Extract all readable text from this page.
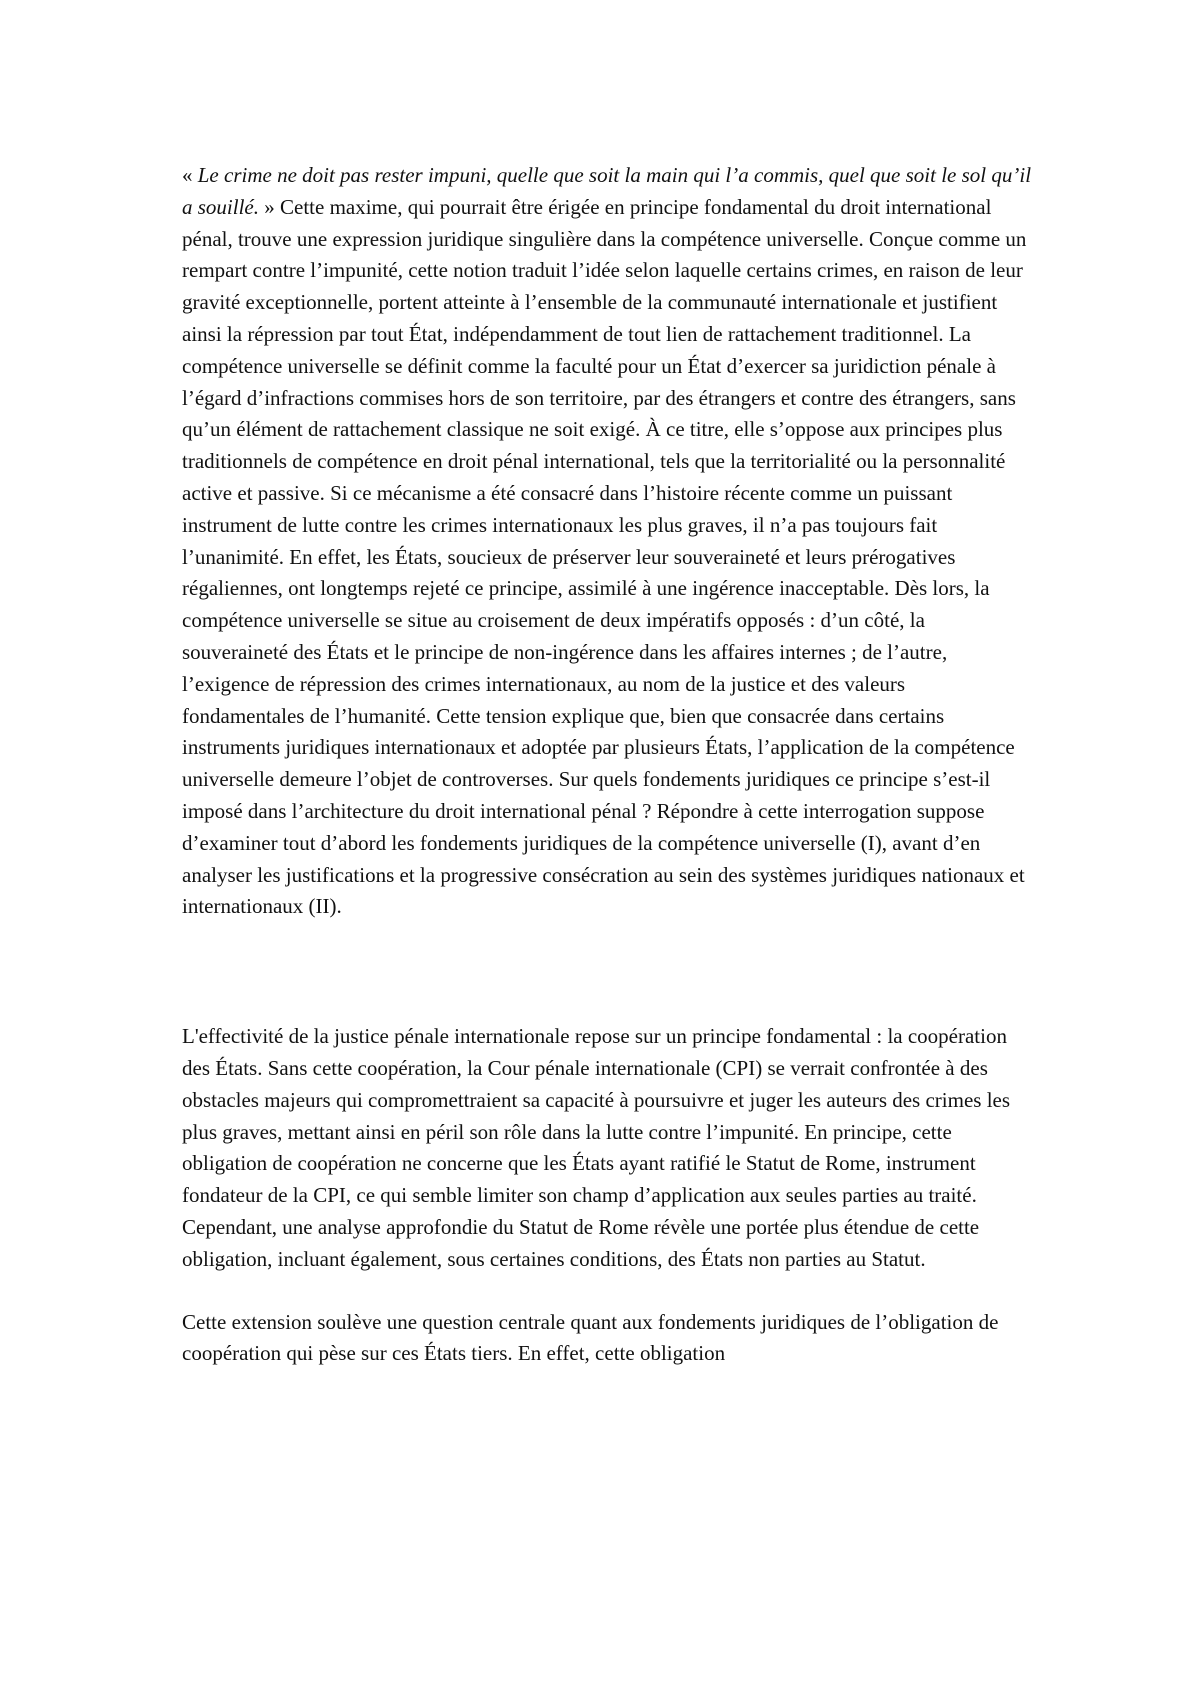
« Le crime ne doit pas rester impuni, quelle que soit la main qui l’a commis, quel que soit le sol qu’il a souillé. » Cette maxime, qui pourrait être érigée en principe fondamental du droit international pénal, trouve une expression juridique singulière dans la compétence universelle. Conçue comme un rempart contre l’impunité, cette notion traduit l’idée selon laquelle certains crimes, en raison de leur gravité exceptionnelle, portent atteinte à l’ensemble de la communauté internationale et justifient ainsi la répression par tout État, indépendamment de tout lien de rattachement traditionnel. La compétence universelle se définit comme la faculté pour un État d’exercer sa juridiction pénale à l’égard d’infractions commises hors de son territoire, par des étrangers et contre des étrangers, sans qu’un élément de rattachement classique ne soit exigé. À ce titre, elle s’oppose aux principes plus traditionnels de compétence en droit pénal international, tels que la territorialité ou la personnalité active et passive. Si ce mécanisme a été consacré dans l’histoire récente comme un puissant instrument de lutte contre les crimes internationaux les plus graves, il n’a pas toujours fait l’unanimité. En effet, les États, soucieux de préserver leur souveraineté et leurs prérogatives régaliennes, ont longtemps rejeté ce principe, assimilé à une ingérence inacceptable. Dès lors, la compétence universelle se situe au croisement de deux impératifs opposés : d’un côté, la souveraineté des États et le principe de non-ingérence dans les affaires internes ; de l’autre, l’exigence de répression des crimes internationaux, au nom de la justice et des valeurs fondamentales de l’humanité. Cette tension explique que, bien que consacrée dans certains instruments juridiques internationaux et adoptée par plusieurs États, l’application de la compétence universelle demeure l’objet de controverses. Sur quels fondements juridiques ce principe s’est-il imposé dans l’architecture du droit international pénal ? Répondre à cette interrogation suppose d’examiner tout d’abord les fondements juridiques de la compétence universelle (I), avant d’en analyser les justifications et la progressive consécration au sein des systèmes juridiques nationaux et internationaux (II).

L'effectivité de la justice pénale internationale repose sur un principe fondamental : la coopération des États. Sans cette coopération, la Cour pénale internationale (CPI) se verrait confrontée à des obstacles majeurs qui compromettraient sa capacité à poursuivre et juger les auteurs des crimes les plus graves, mettant ainsi en péril son rôle dans la lutte contre l’impunité. En principe, cette obligation de coopération ne concerne que les États ayant ratifié le Statut de Rome, instrument fondateur de la CPI, ce qui semble limiter son champ d’application aux seules parties au traité. Cependant, une analyse approfondie du Statut de Rome révèle une portée plus étendue de cette obligation, incluant également, sous certaines conditions, des États non parties au Statut.

Cette extension soulève une question centrale quant aux fondements juridiques de l’obligation de coopération qui pèse sur ces États tiers. En effet, cette obligation
